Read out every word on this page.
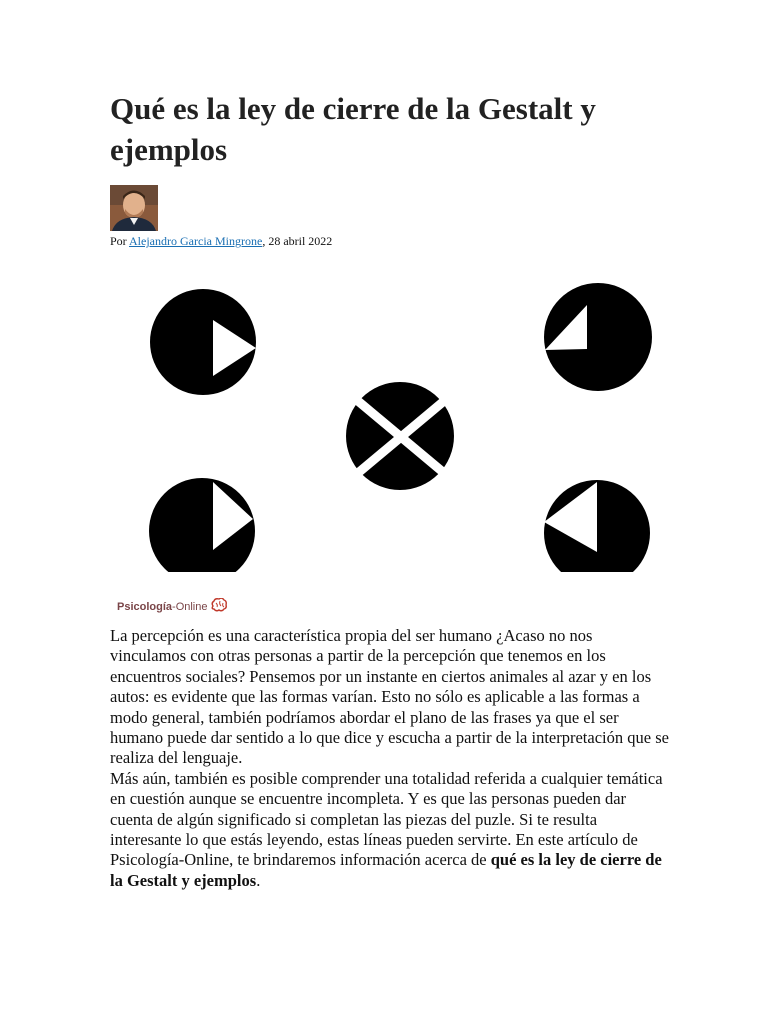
Qué es la ley de cierre de la Gestalt y ejemplos
Por Alejandro Garcia Mingrone, 28 abril 2022
Psicología-Online

La percepción es una característica propia del ser humano ¿Acaso no nos vinculamos con otras personas a partir de la percepción que tenemos en los encuentros sociales? Pensemos por un instante en ciertos animales al azar y en los autos: es evidente que las formas varían. Esto no sólo es aplicable a las formas a modo general, también podríamos abordar el plano de las frases ya que el ser humano puede dar sentido a lo que dice y escucha a partir de la interpretación que se realiza del lenguaje.

Más aún, también es posible comprender una totalidad referida a cualquier temática en cuestión aunque se encuentre incompleta. Y es que las personas pueden dar cuenta de algún significado si completan las piezas del puzle. Si te resulta interesante lo que estás leyendo, estas líneas pueden servirte. En este artículo de Psicología-Online, te brindaremos información acerca de qué es la ley de cierre de la Gestalt y ejemplos.
